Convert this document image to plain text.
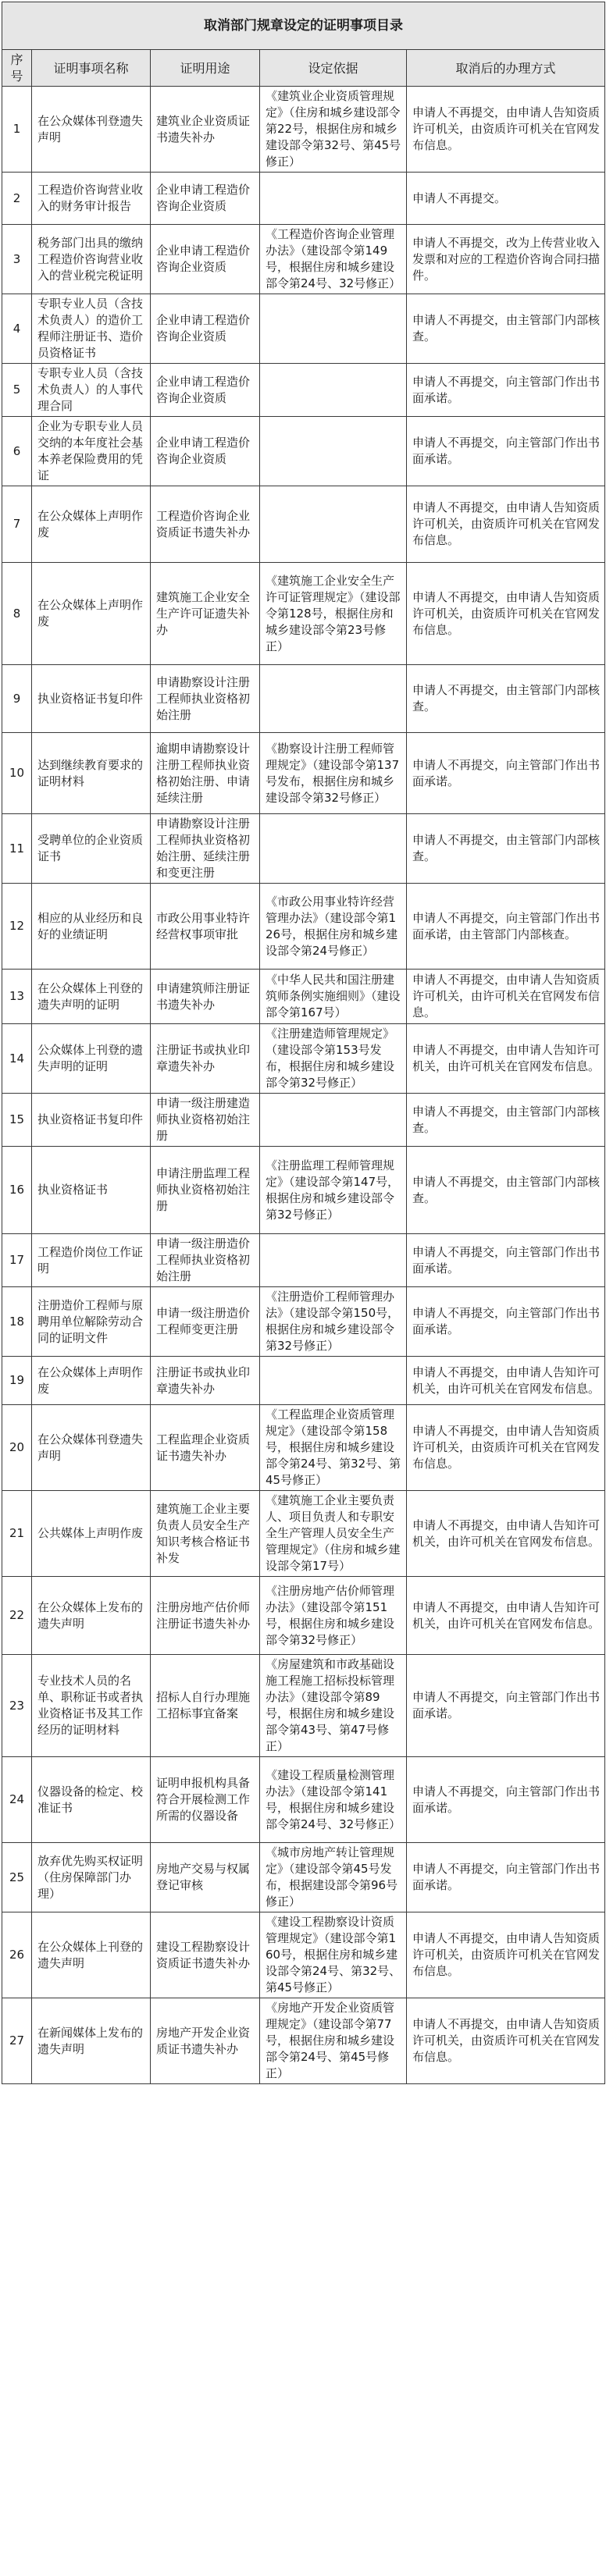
取消部门规章设定的证明事项目录				
序号	证明事项名称	证明用途	设定依据	取消后的办理方式
1	在公众媒体刊登遗失声明	建筑业企业资质证书遗失补办	《建筑业企业资质管理规定》（住房和城乡建设部令第22号，根据住房和城乡建设部令第32号、第45号修正）	申请人不再提交，由申请人告知资质许可机关，由资质许可机关在官网发布信息。
2	工程造价咨询营业收入的财务审计报告	企业申请工程造价咨询企业资质		申请人不再提交。
3	税务部门出具的缴纳工程造价咨询营业收入的营业税完税证明	企业申请工程造价咨询企业资质	《工程造价咨询企业管理办法》（建设部令第149号，根据住房和城乡建设部令第24号、32号修正）	申请人不再提交，改为上传营业收入发票和对应的工程造价咨询合同扫描件。
4	专职专业人员（含技术负责人）的造价工程师注册证书、造价员资格证书	企业申请工程造价咨询企业资质		申请人不再提交，由主管部门内部核查。
5	专职专业人员（含技术负责人）的人事代理合同	企业申请工程造价咨询企业资质		申请人不再提交，向主管部门作出书面承诺。
6	企业为专职专业人员交纳的本年度社会基本养老保险费用的凭证	企业申请工程造价咨询企业资质		申请人不再提交，向主管部门作出书面承诺。
7	在公众媒体上声明作废	工程造价咨询企业资质证书遗失补办		申请人不再提交，由申请人告知资质许可机关，由资质许可机关在官网发布信息。
8	在公众媒体上声明作废	建筑施工企业安全生产许可证遗失补办	《建筑施工企业安全生产许可证管理规定》（建设部令第128号，根据住房和城乡建设部令第23号修正）	申请人不再提交，由申请人告知资质许可机关，由资质许可机关在官网发布信息。
9	执业资格证书复印件	申请勘察设计注册工程师执业资格初始注册		申请人不再提交，由主管部门内部核查。
10	达到继续教育要求的证明材料	逾期申请勘察设计注册工程师执业资格初始注册、申请延续注册	《勘察设计注册工程师管理规定》（建设部令第137号发布，根据住房和城乡建设部令第32号修正）	申请人不再提交，向主管部门作出书面承诺。
11	受聘单位的企业资质证书	申请勘察设计注册工程师执业资格初始注册、延续注册和变更注册		申请人不再提交，由主管部门内部核查。
12	相应的从业经历和良好的业绩证明	市政公用事业特许经营权事项审批	《市政公用事业特许经营管理办法》（建设部令第126号，根据住房和城乡建设部令第24号修正）	申请人不再提交，向主管部门作出书面承诺，由主管部门内部核查。
13	在公众媒体上刊登的遗失声明的证明	申请建筑师注册证书遗失补办	《中华人民共和国注册建筑师条例实施细则》（建设部令第167号）	申请人不再提交，由申请人告知资质许可机关，由许可机关在官网发布信息。
14	公众媒体上刊登的遗失声明的证明	注册证书或执业印章遗失补办	《注册建造师管理规定》（建设部令第153号发布，根据住房和城乡建设部令第32号修正）	申请人不再提交，由申请人告知许可机关，由许可机关在官网发布信息。
15	执业资格证书复印件	申请一级注册建造师执业资格初始注册		申请人不再提交，由主管部门内部核查。
16	执业资格证书	申请注册监理工程师执业资格初始注册	《注册监理工程师管理规定》（建设部令第147号，根据住房和城乡建设部令第32号修正）	申请人不再提交，由主管部门内部核查。
17	工程造价岗位工作证明	申请一级注册造价工程师执业资格初始注册		申请人不再提交，向主管部门作出书面承诺。
18	注册造价工程师与原聘用单位解除劳动合同的证明文件	申请一级注册造价工程师变更注册	《注册造价工程师管理办法》（建设部令第150号，根据住房和城乡建设部令第32号修正）	申请人不再提交，向主管部门作出书面承诺。
19	在公众媒体上声明作废	注册证书或执业印章遗失补办		申请人不再提交，由申请人告知许可机关，由许可机关在官网发布信息。
20	在公众媒体刊登遗失声明	工程监理企业资质证书遗失补办	《工程监理企业资质管理规定》（建设部令第158号，根据住房和城乡建设部令第24号、第32号、第45号修正）	申请人不再提交，由申请人告知资质许可机关，由资质许可机关在官网发布信息。
21	公共媒体上声明作废	建筑施工企业主要负责人员安全生产知识考核合格证书补发	《建筑施工企业主要负责人、项目负责人和专职安全生产管理人员安全生产管理规定》（住房和城乡建设部令第17号）	申请人不再提交，由申请人告知许可机关，由许可机关在官网发布信息。
22	在公众媒体上发布的遗失声明	注册房地产估价师注册证书遗失补办	《注册房地产估价师管理办法》（建设部令第151号，根据住房和城乡建设部令第32号修正）	申请人不再提交，由申请人告知许可机关，由许可机关在官网发布信息。
23	专业技术人员的名单、职称证书或者执业资格证书及其工作经历的证明材料	招标人自行办理施工招标事宜备案	《房屋建筑和市政基础设施工程施工招标投标管理办法》（建设部令第89号，根据住房和城乡建设部令第43号、第47号修正）	申请人不再提交，向主管部门作出书面承诺。
24	仪器设备的检定、校准证书	证明申报机构具备符合开展检测工作所需的仪器设备	《建设工程质量检测管理办法》（建设部令第141号，根据住房和城乡建设部令第24号、32号修正）	申请人不再提交，向主管部门作出书面承诺。
25	放弃优先购买权证明（住房保障部门办理）	房地产交易与权属登记审核	《城市房地产转让管理规定》（建设部令第45号发布，根据建设部令第96号修正）	申请人不再提交，向主管部门作出书面承诺。
26	在公众媒体上刊登的遗失声明	建设工程勘察设计资质证书遗失补办	《建设工程勘察设计资质管理规定》（建设部令第160号，根据住房和城乡建设部令第24号、第32号、第45号修正）	申请人不再提交，由申请人告知资质许可机关，由资质许可机关在官网发布信息。
27	在新闻媒体上发布的遗失声明	房地产开发企业资质证书遗失补办	《房地产开发企业资质管理规定》（建设部令第77号，根据住房和城乡建设部令第24号、第45号修正）	申请人不再提交，由申请人告知资质许可机关，由资质许可机关在官网发布信息。
